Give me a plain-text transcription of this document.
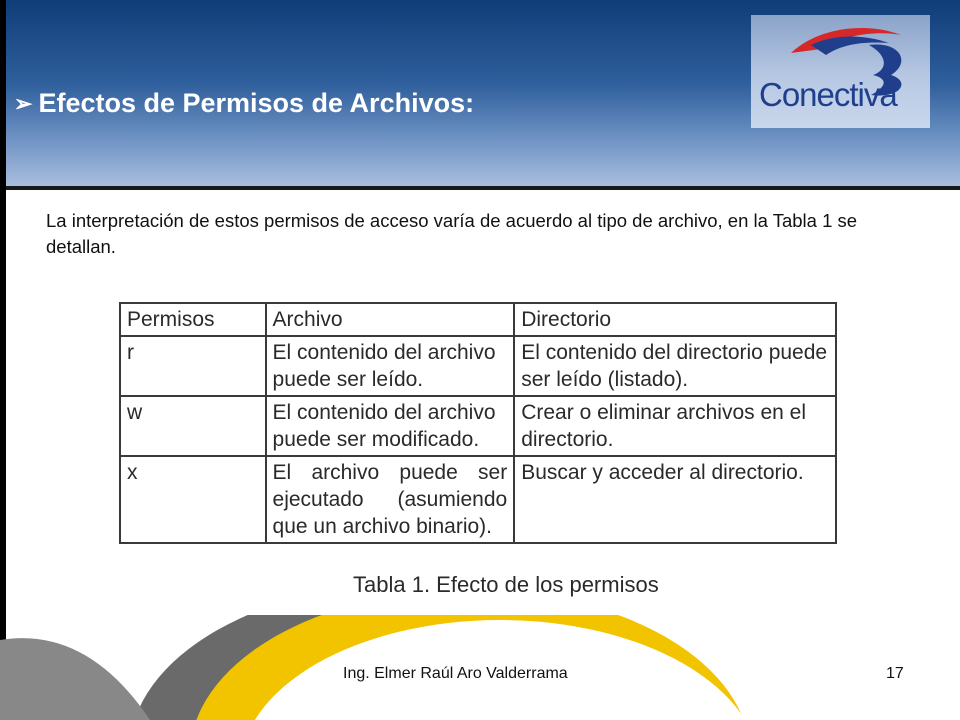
➢ Efectos de Permisos de Archivos:	Conectiva
La interpretación de estos permisos de acceso varía de acuerdo al tipo de archivo, en la Tabla 1 se detallan.
Permisos	Archivo	Directorio
r	El contenido del archivo puede ser leído.	El contenido del directorio puede ser leído (listado).
w	El contenido del archivo puede ser modificado.	Crear o eliminar archivos en el directorio.
x	El archivo puede ser ejecutado (asumiendo que un archivo binario).	Buscar y acceder al directorio.
Tabla 1. Efecto de los permisos
Ing. Elmer Raúl Aro Valderrama	17
